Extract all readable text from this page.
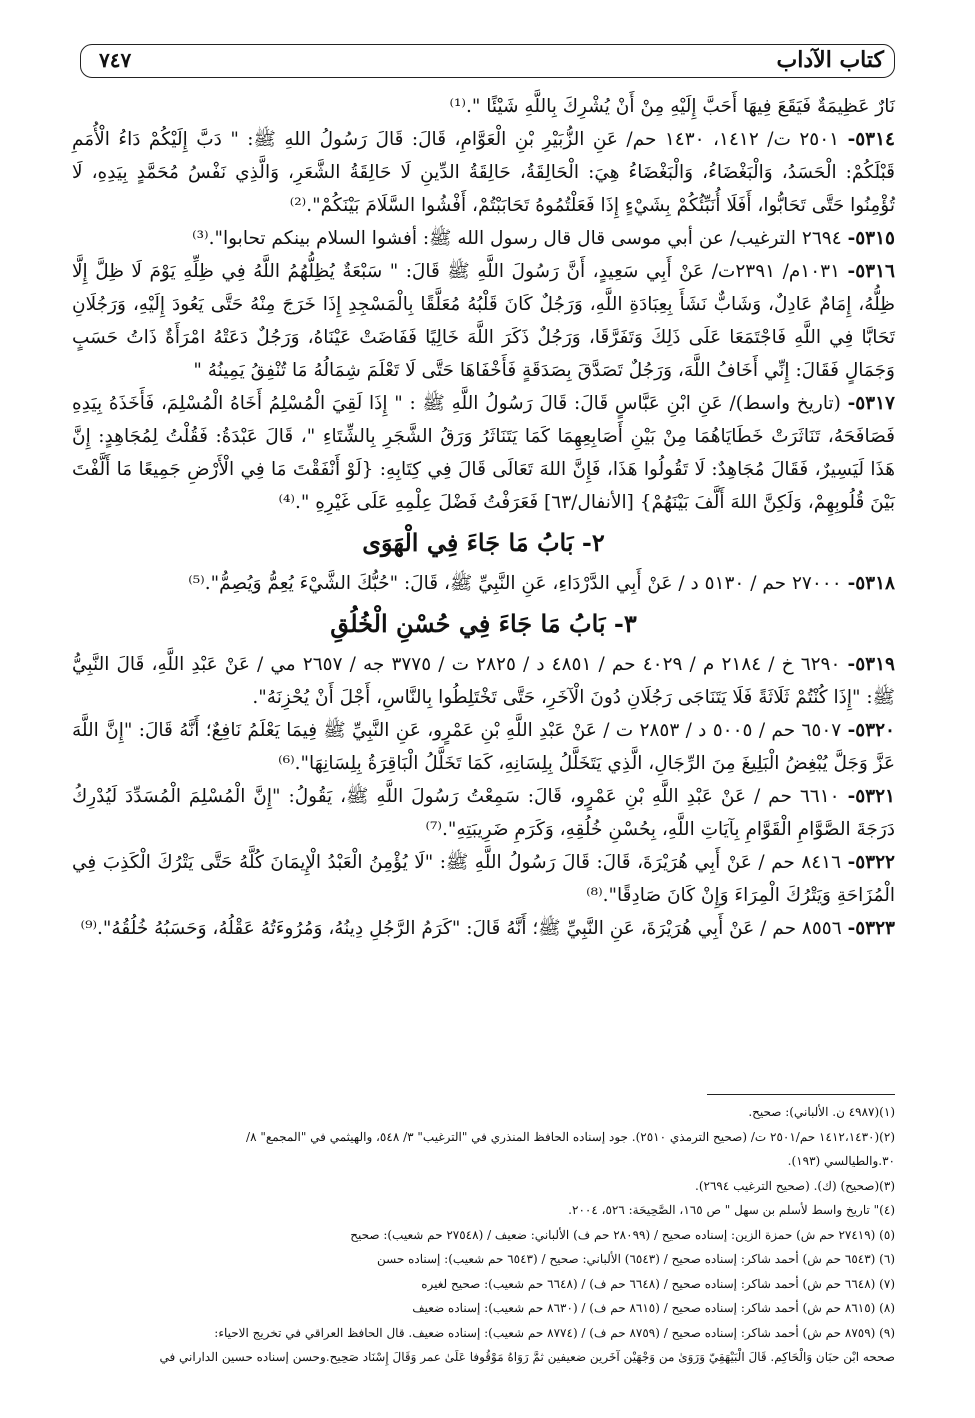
كتاب الآداب
٧٤٧

نَارٌ عَظِيمَةٌ فَيَقَعَ فِيهَا أَحَبَّ إِلَيْهِ مِنْ أَنْ يُشْرِكَ بِاللَّهِ شَيْئًا ".⁽¹⁾

٥٣١٤- ٢٥٠١ ت/ ١٤١٢، ١٤٣٠ حم/ عَنِ الزُّبَيْرِ بْنِ الْعَوَّامِ، قَالَ: قَالَ رَسُولُ اللهِ ﷺ: " دَبَّ إِلَيْكُمْ دَاءُ الْأُمَمِ قَبْلَكُمْ: الْحَسَدُ، وَالْبَغْضَاءُ، وَالْبَغْضَاءُ هِيَ: الْحَالِقَةُ، حَالِقَةُ الدِّينِ لَا حَالِقَةُ الشَّعَرِ، وَالَّذِي نَفْسُ مُحَمَّدٍ بِيَدِهِ، لَا تُؤْمِنُوا حَتَّى تَحَابُّوا، أَفَلَا أُنَبِّئُكُمْ بِشَيْءٍ إِذَا فَعَلْتُمُوهُ تَحَابَبْتُمْ، أَفْشُوا السَّلَامَ بَيْنَكُمْ".⁽²⁾

٥٣١٥- ٢٦٩٤ الترغيب/ عن أبي موسى قال قال رسول الله ﷺ: أفشوا السلام بينكم تحابوا".⁽³⁾

٥٣١٦- ١٠٣١م/ ٢٣٩١ت/ عَنْ أَبِي سَعِيدٍ، أَنَّ رَسُولَ اللَّهِ ﷺ قَالَ: " سَبْعَةٌ يُظِلُّهُمُ اللَّهُ فِي ظِلِّهِ يَوْمَ لَا ظِلَّ إِلَّا ظِلُّهُ، إِمَامٌ عَادِلٌ، وَشَابٌّ نَشَأَ بِعِبَادَةِ اللَّهِ، وَرَجُلٌ كَانَ قَلْبُهُ مُعَلَّقًا بِالْمَسْجِدِ إِذَا خَرَجَ مِنْهُ حَتَّى يَعُودَ إِلَيْهِ، وَرَجُلَانِ تَحَابَّا فِي اللَّهِ فَاجْتَمَعَا عَلَى ذَلِكَ وَتَفَرَّقَا، وَرَجُلٌ ذَكَرَ اللَّهَ خَالِيًا فَفَاضَتْ عَيْنَاهُ، وَرَجُلٌ دَعَتْهُ امْرَأَةٌ ذَاتُ حَسَبٍ وَجَمَالٍ فَقَالَ: إِنِّي أَخَافُ اللَّهَ، وَرَجُلٌ تَصَدَّقَ بِصَدَقَةٍ فَأَخْفَاهَا حَتَّى لَا تَعْلَمَ شِمَالُهُ مَا تُنْفِقُ يَمِينُهُ "

٥٣١٧- (تاريخ واسط)/ عَنِ ابْنِ عَبَّاسٍ قَالَ: قَالَ رَسُولُ اللَّهِ ﷺ : " إِذَا لَقِيَ الْمُسْلِمُ أَخَاهُ الْمُسْلِمَ، فَأَخَذَهُ بِيَدِهِ فَصَافَحَهُ، تَنَاثَرَتْ خَطَايَاهُمَا مِنْ بَيْنِ أَصَابِعِهِمَا كَمَا يَتَنَاثَرُ وَرَقُ الشَّجَرِ بِالشِّتَاءِ "، قَالَ عَبْدَةُ: فَقُلْتُ لِمُجَاهِدٍ: إِنَّ هَذَا لَيَسِيرٌ، فَقَالَ مُجَاهِدٌ: لَا تَقُولُوا هَذَا، فَإِنَّ اللهَ تَعَالَى قَالَ فِي كِتَابِهِ: {لَوْ أَنْفَقْتَ مَا فِي الْأَرْضِ جَمِيعًا مَا أَلَّفْتَ بَيْنَ قُلُوبِهِمْ، وَلَكِنَّ اللهَ أَلَّفَ بَيْنَهُمْ} [الأنفال/٦٣] فَعَرَفْتُ فَضْلَ عِلْمِهِ عَلَى غَيْرِهِ ".⁽⁴⁾

٢- بَابُ مَا جَاءَ فِي الْهَوَى

٥٣١٨- ٢٧٠٠٠ حم / ٥١٣٠ د / عَنْ أَبِي الدَّرْدَاءِ، عَنِ النَّبِيِّ ﷺ، قَالَ: "حُبُّكَ الشَّيْءَ يُعِمُّ وَيُصِمُّ".⁽⁵⁾

٣- بَابُ مَا جَاءَ فِي حُسْنِ الْخُلُقِ

٥٣١٩- ٦٢٩٠ خ / ٢١٨٤ م / ٤٠٢٩ حم / ٤٨٥١ د / ٢٨٢٥ ت / ٣٧٧٥ جه / ٢٦٥٧ مي / عَنْ عَبْدِ اللَّهِ، قَالَ النَّبِيُّ ﷺ: "إِذَا كُنْتُمْ ثَلَاثَةً فَلَا يَتَنَاجَى رَجُلَانِ دُونَ الْآخَرِ، حَتَّى تَخْتَلِطُوا بِالنَّاسِ، أَجْلَ أَنْ يُحْزِنَهُ".

٥٣٢٠- ٦٥٠٧ حم / ٥٠٠٥ د / ٢٨٥٣ ت / عَنْ عَبْدِ اللَّهِ بْنِ عَمْرٍو، عَنِ النَّبِيِّ ﷺ فِيمَا يَعْلَمُ نَافِعٌ؛ أَنَّهُ قَالَ: "إِنَّ اللَّهَ عَزَّ وَجَلَّ يُبْغِضُ الْبَلِيغَ مِنَ الرِّجَالِ، الَّذِي يَتَخَلَّلُ بِلِسَانِهِ، كَمَا تَخَلَّلُ الْبَاقِرَةُ بِلِسَانِهَا".⁽⁶⁾

٥٣٢١- ٦٦١٠ حم / عَنْ عَبْدِ اللَّهِ بْنِ عَمْرٍو، قَالَ: سَمِعْتُ رَسُولَ اللَّهِ ﷺ، يَقُولُ: "إِنَّ الْمُسْلِمَ الْمُسَدِّدَ لَيُدْرِكُ دَرَجَةَ الصَّوَّامِ الْقَوَّامِ بِآيَاتِ اللَّهِ، بِحُسْنِ خُلُقِهِ، وَكَرَمِ ضَرِيبَتِهِ".⁽⁷⁾

٥٣٢٢- ٨٤١٦ حم / عَنْ أَبِي هُرَيْرَةَ، قَالَ: قَالَ رَسُولُ اللَّهِ ﷺ: "لَا يُؤْمِنُ الْعَبْدُ الْإِيمَانَ كُلَّهُ حَتَّى يَتْرُكَ الْكَذِبَ فِي الْمُزَاحَةِ وَيَتْرُكَ الْمِرَاءَ وَإِنْ كَانَ صَادِقًا".⁽⁸⁾

٥٣٢٣- ٨٥٥٦ حم / عَنْ أَبِي هُرَيْرَةَ، عَنِ النَّبِيِّ ﷺ؛ أَنَّهُ قَالَ: "كَرَمُ الرَّجُلِ دِينُهُ، وَمُرُوءَتُهُ عَقْلُهُ، وَحَسَبُهُ خُلُقُهُ".⁽⁹⁾

(١)(٤٩٨٧ ن. الألباني): صحيح.
(٢)(١٤١٢،١٤٣٠ حم/٢٥٠١ ت/ (صحيح الترمذي ٢٥١٠). جود إسناده الحافظ المنذري في "الترغيب" ٣/ ٥٤٨، والهيثمي في "المجمع" ٨/
٣٠.والطيالسي (١٩٣).
(٣)(صحيح) (ك). (صحيح الترغيب ٢٦٩٤).
(٤)" تاريخ واسط لأسلم بن سهل " ص ١٦٥، الصَّحِيحَة: ٥٢٦، ٢٠٠٤.
(٥) (٢٧٤١٩ حم ش) حمزة الزين: إسناده صحيح / (٢٨٠٩٩ حم ف) الألباني: ضعيف / (٢٧٥٤٨ حم شعيب): صحيح
(٦) (٦٥٤٣ حم ش) أحمد شاكر: إسناده صحيح / (٦٥٤٣) الألباني: صحيح / (٦٥٤٣ حم شعيب): إسناده حسن
(٧) (٦٦٤٨ حم ش) أحمد شاكر: إسناده صحيح / (٦٦٤٨ حم ف) / (٦٦٤٨ حم شعيب): صحيح لغيره
(٨) (٨٦١٥ حم ش) أحمد شاكر: إسناده صحيح / (٨٦١٥ حم ف) / (٨٦٣٠ حم شعيب): إسناده ضعيف
(٩) (٨٧٥٩ حم ش) أحمد شاكر: إسناده صحيح / (٨٧٥٩ حم ف) / (٨٧٧٤ حم شعيب): إسناده ضعيف. قال الحافظ العراقي في تخريج الاحياء:
صححه ابْن حبَان وَالْحَاكِم. قَالَ الْبَيْهَقِيّ وَرَوَىٰ من وَجْهَيْن آخَرين ضعيفين ثمَّ رَوَاهُ مَوْقُوفا عَلَىٰ عمر وَقَالَ إِسْنَاد صَحِيح.وحسن إسناده حسين الداراني في
